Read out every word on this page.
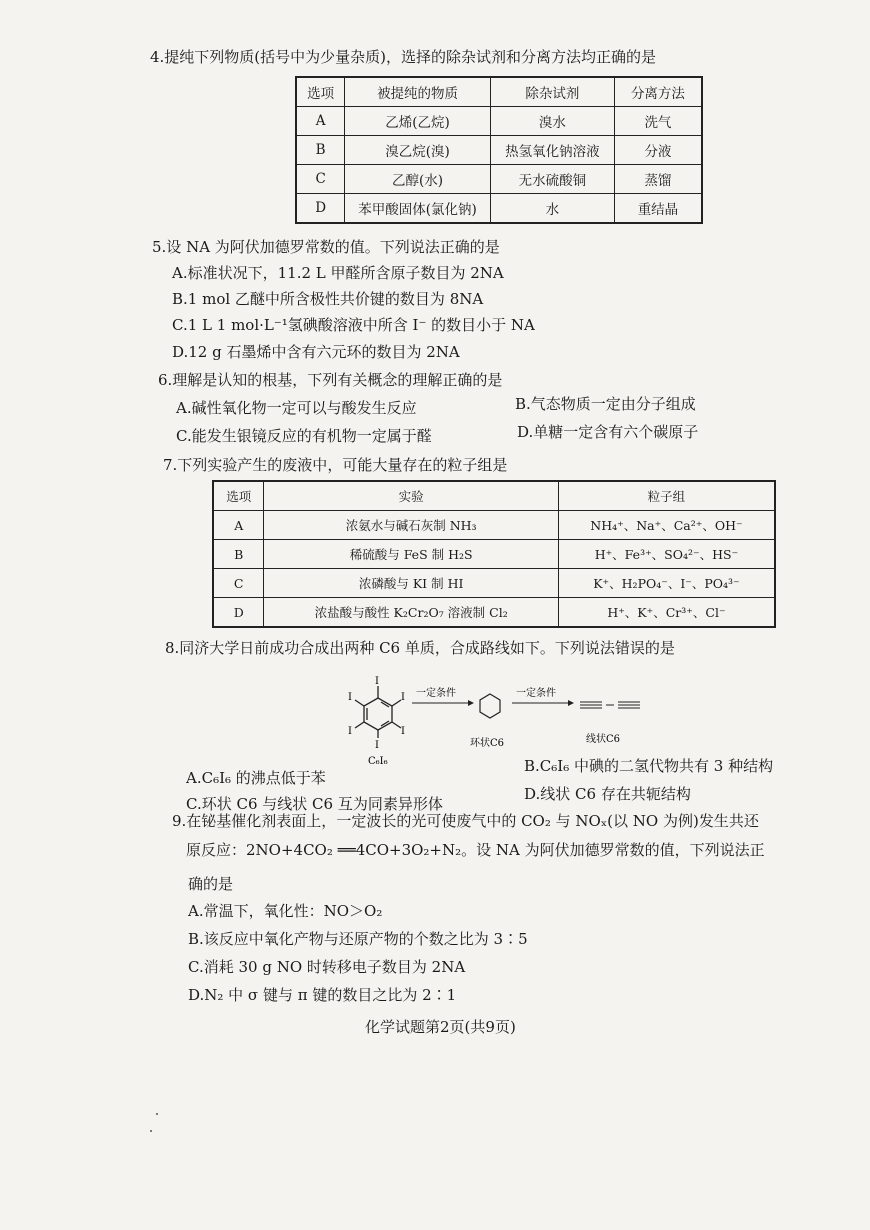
4.提纯下列物质(括号中为少量杂质)，选择的除杂试剂和分离方法均正确的是
选项	被提纯的物质	除杂试剂	分离方法
A	乙烯(乙烷)	溴水	洗气
B	溴乙烷(溴)	热氢氧化钠溶液	分液
C	乙醇(水)	无水硫酸铜	蒸馏
D	苯甲酸固体(氯化钠)	水	重结晶
5.设 NA 为阿伏加德罗常数的值。下列说法正确的是
A.标准状况下，11.2 L 甲醛所含原子数目为 2NA
B.1 mol 乙醚中所含极性共价键的数目为 8NA
C.1 L 1 mol·L⁻¹氢碘酸溶液中所含 I⁻ 的数目小于 NA
D.12 g 石墨烯中含有六元环的数目为 2NA
6.理解是认知的根基，下列有关概念的理解正确的是
A.碱性氧化物一定可以与酸发生反应	B.气态物质一定由分子组成
C.能发生银镜反应的有机物一定属于醛	D.单糖一定含有六个碳原子
7.下列实验产生的废液中，可能大量存在的粒子组是
选项	实验	粒子组
A	浓氨水与碱石灰制 NH₃	NH₄⁺、Na⁺、Ca²⁺、OH⁻
B	稀硫酸与 FeS 制 H₂S	H⁺、Fe³⁺、SO₄²⁻、HS⁻
C	浓磷酸与 KI 制 HI	K⁺、H₂PO₄⁻、I⁻、PO₄³⁻
D	浓盐酸与酸性 K₂Cr₂O₇ 溶液制 Cl₂	H⁺、K⁺、Cr³⁺、Cl⁻
8.同济大学日前成功合成出两种 C6 单质，合成路线如下。下列说法错误的是
I
I
I
I
I
I
C₆I₆
一定条件
环状C6
一定条件
线状C6
A.C₆I₆ 的沸点低于苯
B.C₆I₆ 中碘的二氢代物共有 3 种结构
C.环状 C6 与线状 C6 互为同素异形体
D.线状 C6 存在共轭结构
9.在铋基催化剂表面上，一定波长的光可使废气中的 CO₂ 与 NOₓ(以 NO 为例)发生共还
原反应：2NO+4CO₂ ══4CO+3O₂+N₂。设 NA 为阿伏加德罗常数的值，下列说法正
确的是
A.常温下，氧化性：NO＞O₂
B.该反应中氧化产物与还原产物的个数之比为 3∶5
C.消耗 30 g NO 时转移电子数目为 2NA
D.N₂ 中 σ 键与 π 键的数目之比为 2∶1
化学试题第2页(共9页)
